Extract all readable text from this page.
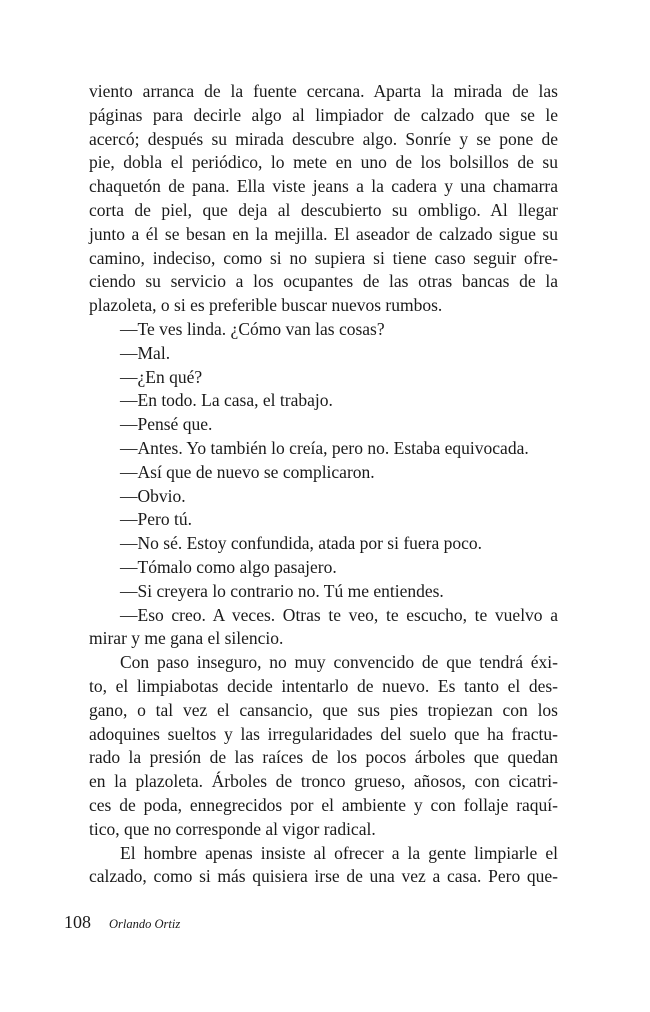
viento arranca de la fuente cercana. Aparta la mirada de las
páginas para decirle algo al limpiador de calzado que se le
acercó; después su mirada descubre algo. Sonríe y se pone de
pie, dobla el periódico, lo mete en uno de los bolsillos de su
chaquetón de pana. Ella viste jeans a la cadera y una chamarra
corta de piel, que deja al descubierto su ombligo. Al llegar
junto a él se besan en la mejilla. El aseador de calzado sigue su
camino, indeciso, como si no supiera si tiene caso seguir ofre-
ciendo su servicio a los ocupantes de las otras bancas de la
plazoleta, o si es preferible buscar nuevos rumbos.
—Te ves linda. ¿Cómo van las cosas?
—Mal.
—¿En qué?
—En todo. La casa, el trabajo.
—Pensé que.
—Antes. Yo también lo creía, pero no. Estaba equivocada.
—Así que de nuevo se complicaron.
—Obvio.
—Pero tú.
—No sé. Estoy confundida, atada por si fuera poco.
—Tómalo como algo pasajero.
—Si creyera lo contrario no. Tú me entiendes.
—Eso creo. A veces. Otras te veo, te escucho, te vuelvo a
mirar y me gana el silencio.
Con paso inseguro, no muy convencido de que tendrá éxi-
to, el limpiabotas decide intentarlo de nuevo. Es tanto el des-
gano, o tal vez el cansancio, que sus pies tropiezan con los
adoquines sueltos y las irregularidades del suelo que ha fractu-
rado la presión de las raíces de los pocos árboles que quedan
en la plazoleta. Árboles de tronco grueso, añosos, con cicatri-
ces de poda, ennegrecidos por el ambiente y con follaje raquí-
tico, que no corresponde al vigor radical.
El hombre apenas insiste al ofrecer a la gente limpiarle el
calzado, como si más quisiera irse de una vez a casa. Pero que-
108 Orlando Ortiz
